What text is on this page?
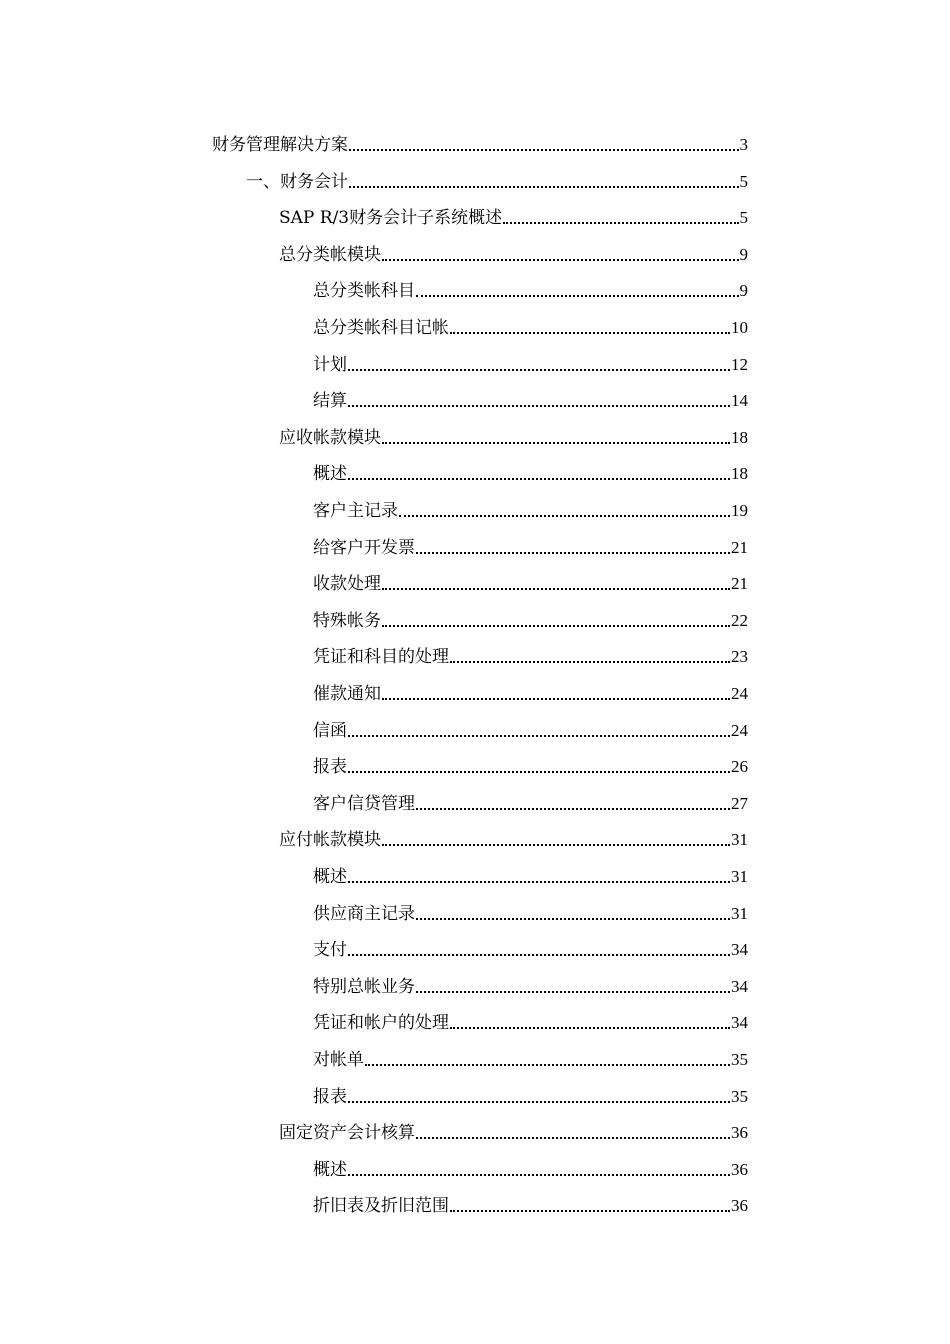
财务管理解决方案	3
一、财务会计	5
SAP R/3财务会计子系统概述	5
总分类帐模块	9
总分类帐科目	9
总分类帐科目记帐	10
计划	12
结算	14
应收帐款模块	18
概述	18
客户主记录	19
给客户开发票	21
收款处理	21
特殊帐务	22
凭证和科目的处理	23
催款通知	24
信函	24
报表	26
客户信贷管理	27
应付帐款模块	31
概述	31
供应商主记录	31
支付	34
特别总帐业务	34
凭证和帐户的处理	34
对帐单	35
报表	35
固定资产会计核算	36
概述	36
折旧表及折旧范围	36
